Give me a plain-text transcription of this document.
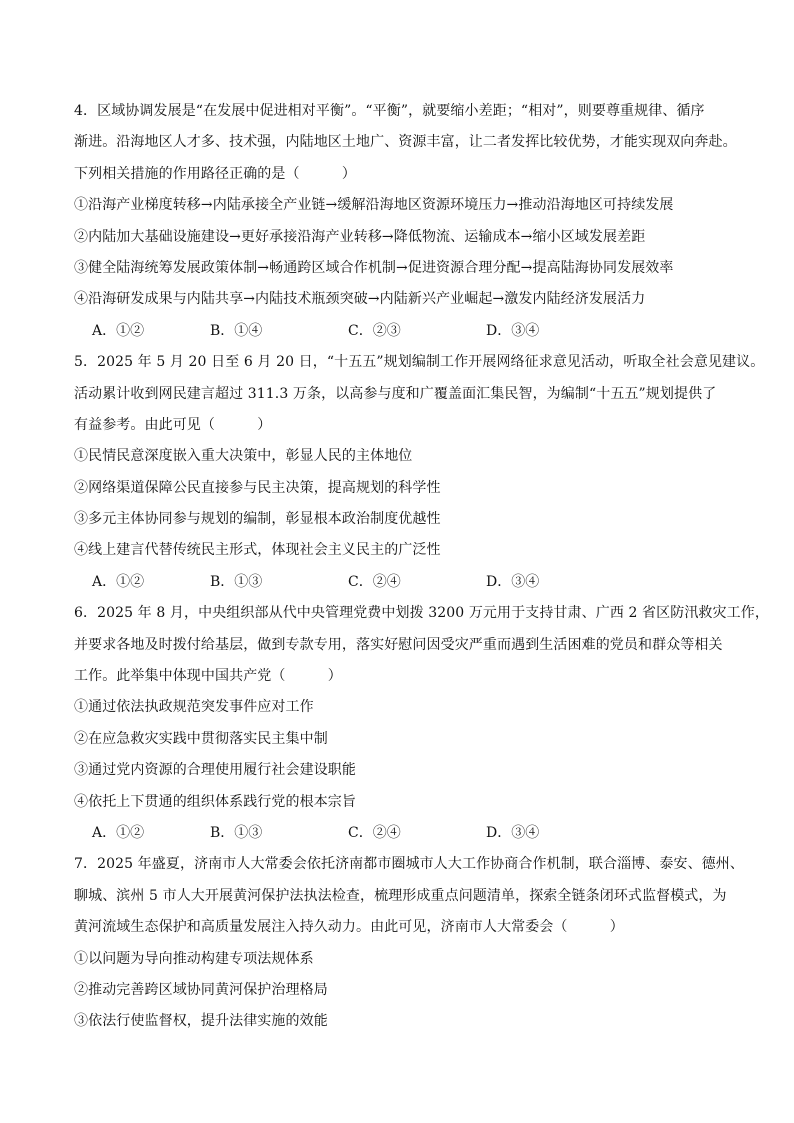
4．区域协调发展是“在发展中促进相对平衡”。“平衡”，就要缩小差距；“相对”，则要尊重规律、循序
渐进。沿海地区人才多、技术强，内陆地区土地广、资源丰富，让二者发挥比较优势，才能实现双向奔赴。
下列相关措施的作用路径正确的是（　　　）
①沿海产业梯度转移→内陆承接全产业链→缓解沿海地区资源环境压力→推动沿海地区可持续发展
②内陆加大基础设施建设→更好承接沿海产业转移→降低物流、运输成本→缩小区域发展差距
③健全陆海统筹发展政策体制→畅通跨区域合作机制→促进资源合理分配→提高陆海协同发展效率
④沿海研发成果与内陆共享→内陆技术瓶颈突破→内陆新兴产业崛起→激发内陆经济发展活力
A．①②	B．①④	C．②③	D．③④
5．2025 年 5 月 20 日至 6 月 20 日，“十五五”规划编制工作开展网络征求意见活动，听取全社会意见建议。
活动累计收到网民建言超过 311.3 万条，以高参与度和广覆盖面汇集民智，为编制“十五五”规划提供了
有益参考。由此可见（　　　）
①民情民意深度嵌入重大决策中，彰显人民的主体地位
②网络渠道保障公民直接参与民主决策，提高规划的科学性
③多元主体协同参与规划的编制，彰显根本政治制度优越性
④线上建言代替传统民主形式，体现社会主义民主的广泛性
A．①②	B．①③	C．②④	D．③④
6．2025 年 8 月，中央组织部从代中央管理党费中划拨 3200 万元用于支持甘肃、广西 2 省区防汛救灾工作，
并要求各地及时拨付给基层，做到专款专用，落实好慰问因受灾严重而遇到生活困难的党员和群众等相关
工作。此举集中体现中国共产党（　　　）
①通过依法执政规范突发事件应对工作
②在应急救灾实践中贯彻落实民主集中制
③通过党内资源的合理使用履行社会建设职能
④依托上下贯通的组织体系践行党的根本宗旨
A．①②	B．①③	C．②④	D．③④
7．2025 年盛夏，济南市人大常委会依托济南都市圈城市人大工作协商合作机制，联合淄博、泰安、德州、
聊城、滨州 5 市人大开展黄河保护法执法检查，梳理形成重点问题清单，探索全链条闭环式监督模式，为
黄河流域生态保护和高质量发展注入持久动力。由此可见，济南市人大常委会（　　　）
①以问题为导向推动构建专项法规体系
②推动完善跨区域协同黄河保护治理格局
③依法行使监督权，提升法律实施的效能
